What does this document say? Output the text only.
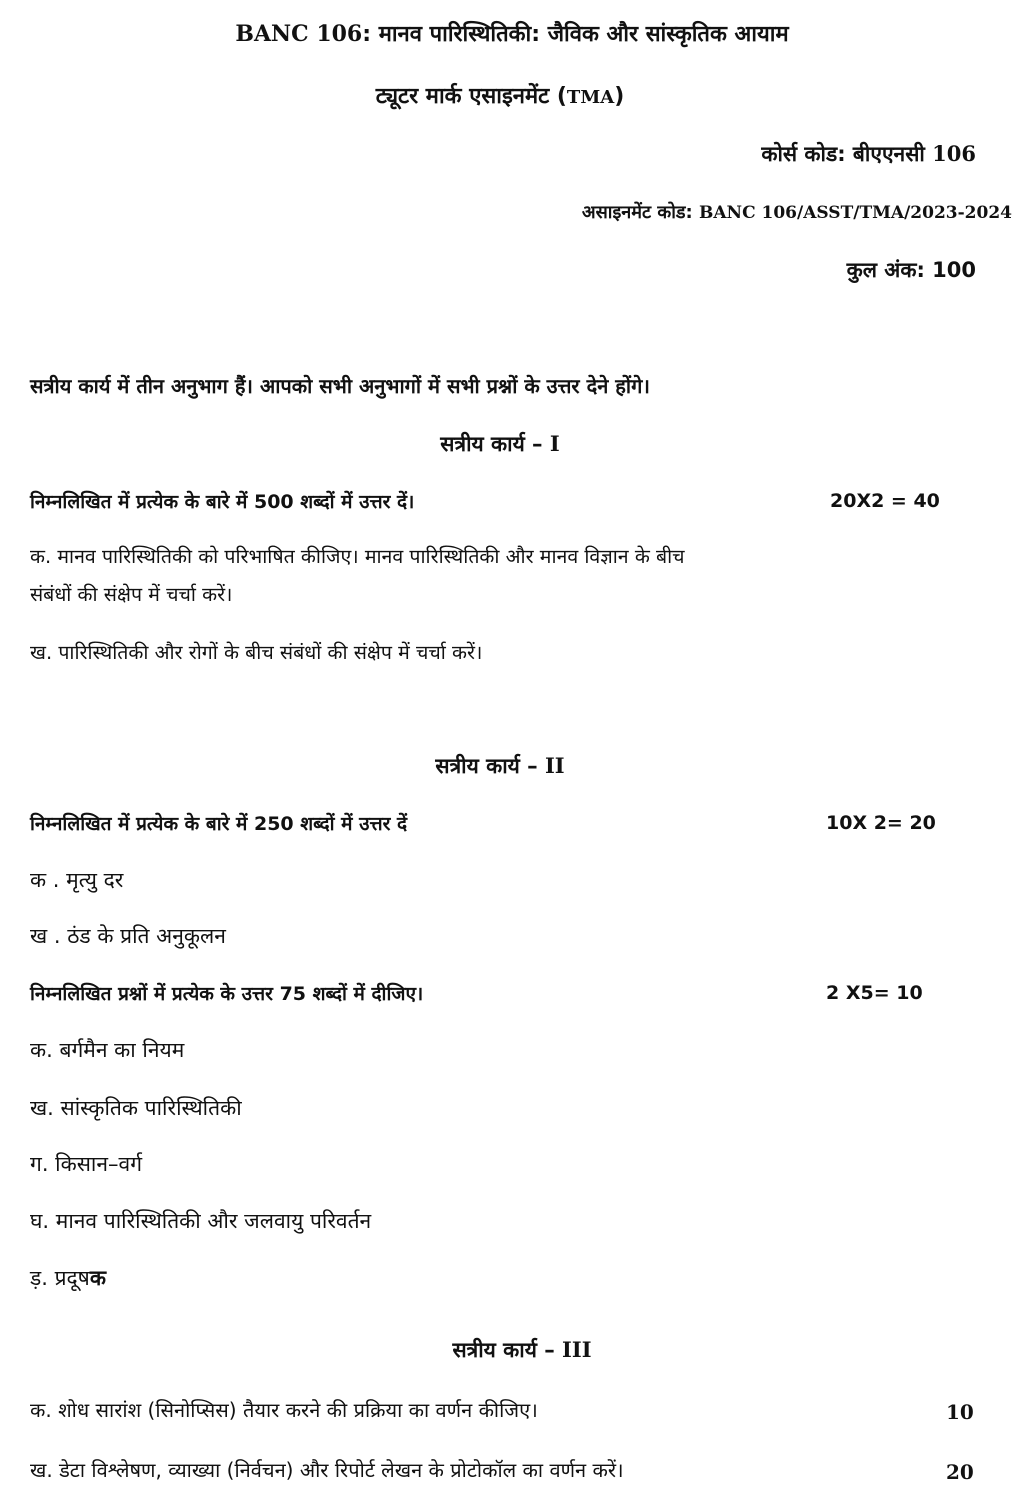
BANC 106: मानव पारिस्थितिकी: जैविक और सांस्कृतिक आयाम
ट्यूटर मार्क एसाइनमेंट (TMA)
कोर्स कोड: बीएएनसी 106
असाइनमेंट कोड: BANC 106/ASST/TMA/2023-2024
कुल अंक: 100
सत्रीय कार्य में तीन अनुभाग हैं। आपको सभी अनुभागों में सभी प्रश्नों के उत्तर देने होंगे।
सत्रीय कार्य – I
निम्नलिखित में प्रत्येक के बारे में 500 शब्दों में उत्तर दें।	20X2 = 40
क. मानव पारिस्थितिकी को परिभाषित कीजिए। मानव पारिस्थितिकी और मानव विज्ञान के बीच
संबंधों की संक्षेप में चर्चा करें।
ख. पारिस्थितिकी और रोगों के बीच संबंधों की संक्षेप में चर्चा करें।
सत्रीय कार्य – II
निम्नलिखित में प्रत्येक के बारे में 250 शब्दों में उत्तर दें	10X 2= 20
क . मृत्यु दर
ख . ठंड के प्रति अनुकूलन
निम्नलिखित प्रश्नों में प्रत्येक के उत्तर 75 शब्दों में दीजिए।	2 X5= 10
क. बर्गमैन का नियम
ख. सांस्कृतिक पारिस्थितिकी
ग. किसान–वर्ग
घ. मानव पारिस्थितिकी और जलवायु परिवर्तन
ड़. प्रदूषक
सत्रीय कार्य – III
क. शोध सारांश (सिनोप्सिस) तैयार करने की प्रक्रिया का वर्णन कीजिए।	10
ख. डेटा विश्लेषण, व्याख्या (निर्वचन) और रिपोर्ट लेखन के प्रोटोकॉल का वर्णन करें।	20
